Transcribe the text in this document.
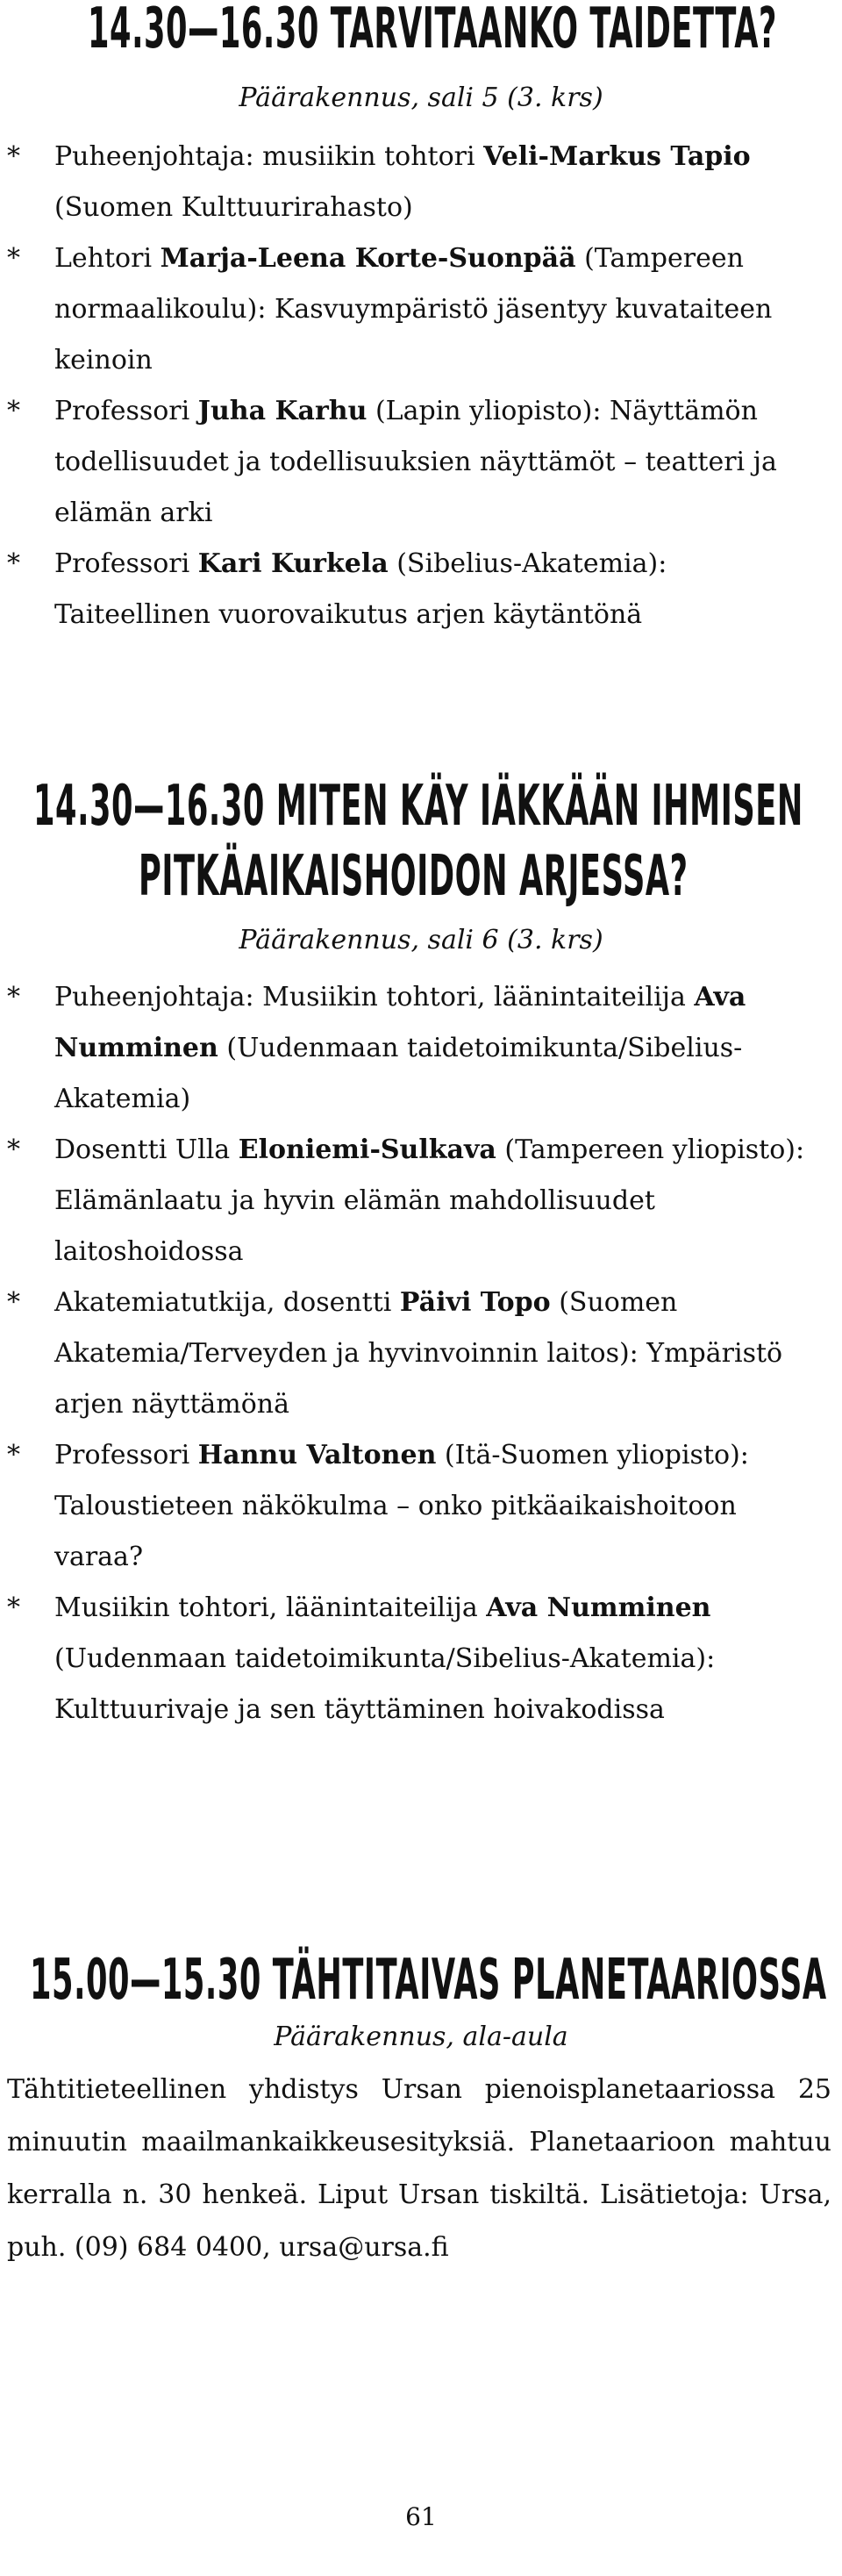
14.30—16.30 TARVITAANKO TAIDETTA?

Päärakennus, sali 5 (3. krs)

* Puheenjohtaja: musiikin tohtori Veli-Markus Tapio (Suomen Kulttuurirahasto)
* Lehtori Marja-Leena Korte-Suonpää (Tampereen normaalikoulu): Kasvuympäristö jäsentyy kuvataiteen keinoin
* Professori Juha Karhu (Lapin yliopisto): Näyttämön todellisuudet ja todellisuuksien näyttämöt – teatteri ja elämän arki
* Professori Kari Kurkela (Sibelius-Akatemia): Taiteellinen vuorovaikutus arjen käytäntönä
14.30—16.30 MITEN KÄY IÄKKÄÄN IHMISEN
PITKÄAIKAISHOIDON ARJESSA?

Päärakennus, sali 6 (3. krs)

* Puheenjohtaja: Musiikin tohtori, läänintaiteilija Ava Numminen (Uudenmaan taidetoimikunta/Sibelius-Akatemia)
* Dosentti Ulla Eloniemi-Sulkava (Tampereen yliopisto): Elämänlaatu ja hyvin elämän mahdollisuudet laitoshoidossa
* Akatemiatutkija, dosentti Päivi Topo (Suomen Akatemia/Terveyden ja hyvinvoinnin laitos): Ympäristö arjen näyttämönä
* Professori Hannu Valtonen (Itä-Suomen yliopisto): Taloustieteen näkökulma – onko pitkäaikaishoitoon varaa?
* Musiikin tohtori, läänintaiteilija Ava Numminen (Uudenmaan taidetoimikunta/Sibelius-Akatemia): Kulttuurivaje ja sen täyttäminen hoivakodissa
15.00—15.30 TÄHTITAIVAS PLANETAARIOSSA

Päärakennus, ala-aula

Tähtitieteellinen yhdistys Ursan pienoisplanetaariossa 25 minuutin maailmankaikkeusesityksiä. Planetaarioon mahtuu kerralla n. 30 henkeä. Liput Ursan tiskiltä. Lisätietoja: Ursa, puh. (09) 684 0400, ursa@ursa.fi

61
